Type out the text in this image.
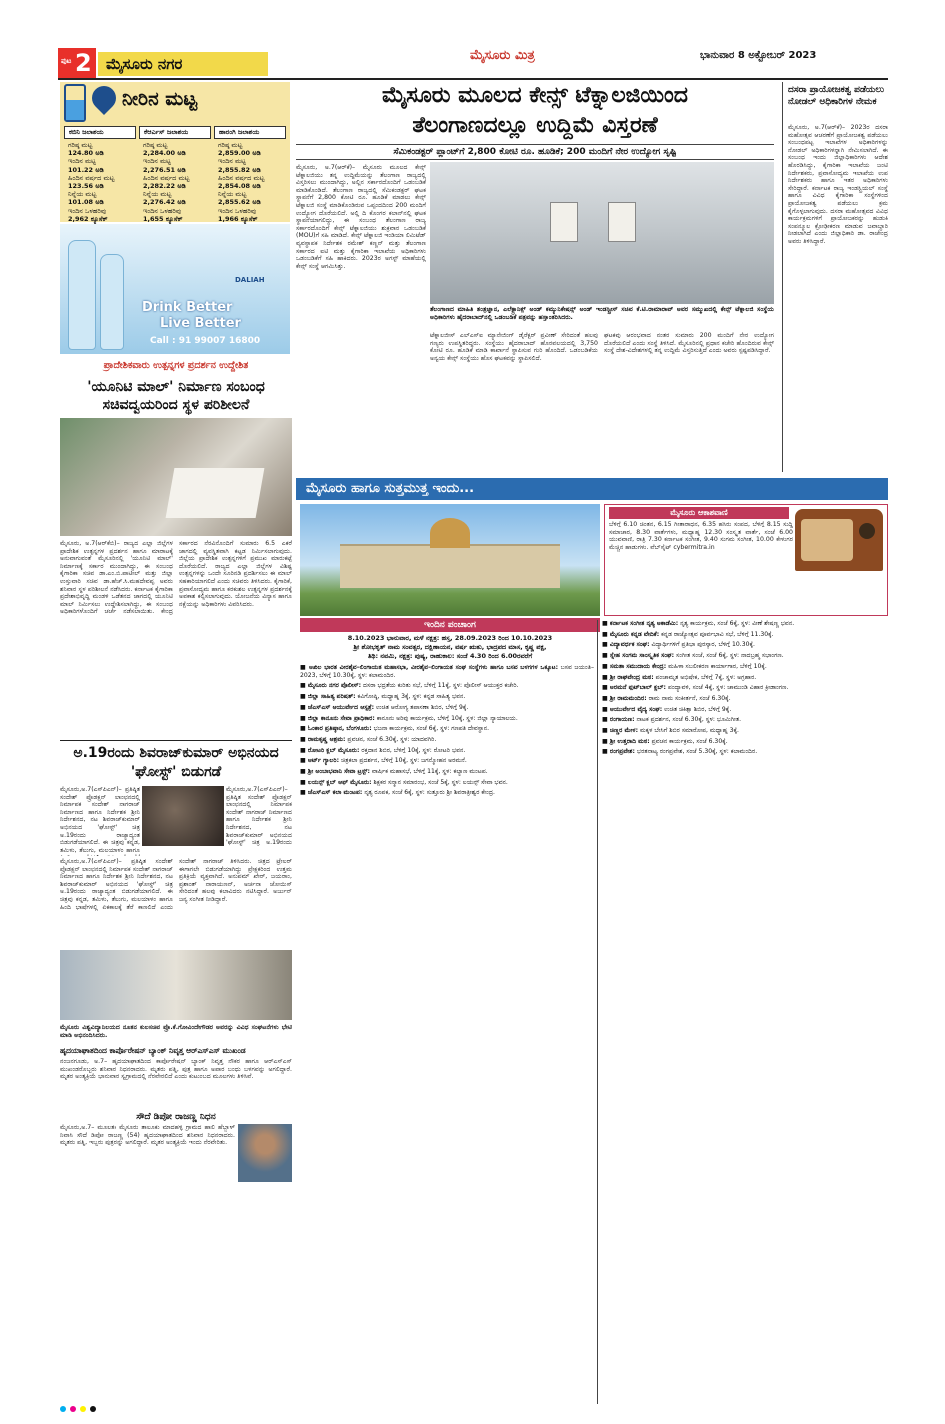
ಪುಟ 2 ಮೈಸೂರು ನಗರ	ಮೈಸೂರು ಮಿತ್ರ	ಭಾನುವಾರ 8 ಅಕ್ಟೋಬರ್ 2023
ನೀರಿನ ಮಟ್ಟ
ಕಬಿನಿ ಜಲಾಶಯ
ಗರಿಷ್ಠ ಮಟ್ಟ
124.80 ಅಡಿ
ಇಂದಿನ ಮಟ್ಟ
101.22 ಅಡಿ
ಹಿಂದಿನ ವರ್ಷದ ಮಟ್ಟ
123.56 ಅಡಿ
ನಿನ್ನೆಯ ಮಟ್ಟ
101.08 ಅಡಿ
ಇಂದಿನ ಒಳಹರಿವು
2,962 ಕ್ಯೂಸೆಕ್
ಕೆಆರ್ಎಸ್ ಜಲಾಶಯ
ಗರಿಷ್ಠ ಮಟ್ಟ
2,284.00 ಅಡಿ
ಇಂದಿನ ಮಟ್ಟ
2,276.51 ಅಡಿ
ಹಿಂದಿನ ವರ್ಷದ ಮಟ್ಟ
2,282.22 ಅಡಿ
ನಿನ್ನೆಯ ಮಟ್ಟ
2,276.42 ಅಡಿ
ಇಂದಿನ ಒಳಹರಿವು
1,655 ಕ್ಯೂಸೆಕ್
ಹಾರಂಗಿ ಜಲಾಶಯ
ಗರಿಷ್ಠ ಮಟ್ಟ
2,859.00 ಅಡಿ
ಇಂದಿನ ಮಟ್ಟ
2,855.82 ಅಡಿ
ಹಿಂದಿನ ವರ್ಷದ ಮಟ್ಟ
2,854.08 ಅಡಿ
ನಿನ್ನೆಯ ಮಟ್ಟ
2,855.62 ಅಡಿ
ಇಂದಿನ ಒಳಹರಿವು
1,966 ಕ್ಯೂಸೆಕ್
Drink Better
Live Better
DALIAH
Call : 91 99007 16800
ಪ್ರಾದೇಶಿಕವಾರು ಉತ್ಪನ್ನಗಳ ಪ್ರದರ್ಶನ ಉದ್ದೇಶಿತ
'ಯೂನಿಟಿ ಮಾಲ್' ನಿರ್ಮಾಣ ಸಂಬಂಧ ಸಚಿವದ್ವಯರಿಂದ ಸ್ಥಳ ಪರಿಶೀಲನೆ
ಮೈಸೂರು, ಅ.7(ಆರ್‌ಕೆಬಿ)– ರಾಜ್ಯದ ಎಲ್ಲಾ ಜಿಲ್ಲೆಗಳ ಪ್ರಾದೇಶಿಕ ಉತ್ಪನ್ನಗಳ ಪ್ರದರ್ಶನ ಹಾಗೂ ಮಾರಾಟಕ್ಕೆ ಅನುವಾಗುವಂತೆ ಮೈಸೂರಿನಲ್ಲಿ 'ಯೂನಿಟಿ ಮಾಲ್' ನಿರ್ಮಾಣಕ್ಕೆ ಸರ್ಕಾರ ಮುಂದಾಗಿದ್ದು, ಈ ಸಂಬಂಧ ಕೈಗಾರಿಕಾ ಸಚಿವ ಡಾ.ಎಂ.ಬಿ.ಪಾಟೀಲ್ ಮತ್ತು ಜಿಲ್ಲಾ ಉಸ್ತುವಾರಿ ಸಚಿವ ಡಾ.ಹೆಚ್.ಸಿ.ಮಹದೇವಪ್ಪ ಅವರು ಶನಿವಾರ ಸ್ಥಳ ಪರಿಶೀಲನೆ ನಡೆಸಿದರು. ಕರ್ನಾಟಕ ಕೈಗಾರಿಕಾ ಪ್ರದೇಶಾಭಿವೃದ್ಧಿ ಮಂಡಳಿ ಒಡೆತನದ ಜಾಗದಲ್ಲಿ ಯೂನಿಟಿ ಮಾಲ್ ನಿರ್ಮಿಸಲು ಉದ್ದೇಶಿಸಲಾಗಿದ್ದು, ಈ ಸಂಬಂಧ ಅಧಿಕಾರಿಗಳೊಂದಿಗೆ ಚರ್ಚೆ ನಡೆಸಲಾಯಿತು. ಕೇಂದ್ರ ಸರ್ಕಾರದ ನೆರವಿನೊಂದಿಗೆ ಸುಮಾರು 6.5 ಎಕರೆ ಜಾಗದಲ್ಲಿ ವ್ಯವಸ್ಥಿತವಾಗಿ ಕಟ್ಟಡ ನಿರ್ಮಿಸಲಾಗುವುದು. ಜಿಲ್ಲೆಯ ಪ್ರಾದೇಶಿಕ ಉತ್ಪನ್ನಗಳಿಗೆ ಪ್ರಮುಖ ಮಾರುಕಟ್ಟೆ ದೊರೆಯಲಿದೆ. ರಾಜ್ಯದ ಎಲ್ಲಾ ಜಿಲ್ಲೆಗಳ ವಿಶಿಷ್ಟ ಉತ್ಪನ್ನಗಳನ್ನು ಒಂದೇ ಸೂರಿನಡಿ ಪ್ರದರ್ಶಿಸಲು ಈ ಮಾಲ್ ಸಹಕಾರಿಯಾಗಲಿದೆ ಎಂದು ಸಚಿವರು ತಿಳಿಸಿದರು. ಕೈಗಾರಿಕೆ, ಪ್ರವಾಸೋದ್ಯಮ ಹಾಗೂ ಕರಕುಶಲ ಉತ್ಪನ್ನಗಳ ಪ್ರದರ್ಶನಕ್ಕೆ ಅವಕಾಶ ಕಲ್ಪಿಸಲಾಗುವುದು. ಯೋಜನೆಯ ವಿನ್ಯಾಸ ಹಾಗೂ ನಕ್ಷೆಯನ್ನು ಅಧಿಕಾರಿಗಳು ವಿವರಿಸಿದರು.
ಅ.19ರಂದು ಶಿವರಾಜ್‌ಕುಮಾರ್ ಅಭಿನಯದ 'ಘೋಸ್ಟ್' ಬಿಡುಗಡೆ
ಮೈಸೂರು,ಅ.7(ಎಸ್‌ಪಿಎನ್)– ಪ್ರತಿಷ್ಠಿತ ಸಂದೇಶ್ ಪ್ರೊಡಕ್ಷನ್ ಲಾಂಛನದಲ್ಲಿ ನಿರ್ಮಾಪಕ ಸಂದೇಶ್ ನಾಗರಾಜ್ ನಿರ್ಮಾಣದ ಹಾಗೂ ನಿರ್ದೇಶಕ ಶ್ರೀನಿ ನಿರ್ದೇಶನದ, ನಟ ಶಿವರಾಜ್‌ಕುಮಾರ್ ಅಭಿನಯದ 'ಘೋಸ್ಟ್' ಚಿತ್ರ ಅ.19ರಂದು ರಾಜ್ಯಾದ್ಯಂತ ಬಿಡುಗಡೆಯಾಗಲಿದೆ. ಈ ಚಿತ್ರವು ಕನ್ನಡ, ತಮಿಳು, ತೆಲುಗು, ಮಲಯಾಳಂ ಹಾಗೂ
ಮೈಸೂರು,ಅ.7(ಎಸ್‌ಪಿಎನ್)– ಪ್ರತಿಷ್ಠಿತ ಸಂದೇಶ್ ಪ್ರೊಡಕ್ಷನ್ ಲಾಂಛನದಲ್ಲಿ ನಿರ್ಮಾಪಕ ಸಂದೇಶ್ ನಾಗರಾಜ್ ನಿರ್ಮಾಣದ ಹಾಗೂ ನಿರ್ದೇಶಕ ಶ್ರೀನಿ ನಿರ್ದೇಶನದ, ನಟ ಶಿವರಾಜ್‌ಕುಮಾರ್ ಅಭಿನಯದ 'ಘೋಸ್ಟ್' ಚಿತ್ರ ಅ.19ರಂದು
ಮೈಸೂರು,ಅ.7(ಎಸ್‌ಪಿಎನ್)– ಪ್ರತಿಷ್ಠಿತ ಸಂದೇಶ್ ಪ್ರೊಡಕ್ಷನ್ ಲಾಂಛನದಲ್ಲಿ ನಿರ್ಮಾಪಕ ಸಂದೇಶ್ ನಾಗರಾಜ್ ನಿರ್ಮಾಣದ ಹಾಗೂ ನಿರ್ದೇಶಕ ಶ್ರೀನಿ ನಿರ್ದೇಶನದ, ನಟ ಶಿವರಾಜ್‌ಕುಮಾರ್ ಅಭಿನಯದ 'ಘೋಸ್ಟ್' ಚಿತ್ರ ಅ.19ರಂದು ರಾಜ್ಯಾದ್ಯಂತ ಬಿಡುಗಡೆಯಾಗಲಿದೆ. ಈ ಚಿತ್ರವು ಕನ್ನಡ, ತಮಿಳು, ತೆಲುಗು, ಮಲಯಾಳಂ ಹಾಗೂ ಹಿಂದಿ ಭಾಷೆಗಳಲ್ಲಿ ಏಕಕಾಲಕ್ಕೆ ತೆರೆ ಕಾಣಲಿದೆ ಎಂದು ಸಂದೇಶ್ ನಾಗರಾಜ್ ತಿಳಿಸಿದರು. ಚಿತ್ರದ ಟ್ರೇಲರ್ ಈಗಾಗಲೇ ಬಿಡುಗಡೆಯಾಗಿದ್ದು ಪ್ರೇಕ್ಷಕರಿಂದ ಉತ್ತಮ ಪ್ರತಿಕ್ರಿಯೆ ವ್ಯಕ್ತವಾಗಿದೆ. ಅನುಪಮ್ ಖೇರ್, ಜಯರಾಂ, ಪ್ರಶಾಂತ್ ನಾರಾಯಣನ್, ಅರ್ಚನಾ ಜೋಯಿಸ್ ಸೇರಿದಂತೆ ಹಲವು ಕಲಾವಿದರು ನಟಿಸಿದ್ದಾರೆ. ಅರ್ಜುನ್ ಜನ್ಯ ಸಂಗೀತ ನೀಡಿದ್ದಾರೆ.
ಮೈಸೂರು ವಿಶ್ವವಿದ್ಯಾನಿಲಯದ ನೂತನ ಕುಲಸಚಿವ ಪ್ರೊ.ಕೆ.ಗೋವಿಂದೇಗೌಡರ ಅವರನ್ನು ವಿವಿಧ ಸಂಘಟನೆಗಳು ಭೇಟಿ ಮಾಡಿ ಅಭಿನಂದಿಸಿದರು.
ಹೃದಯಾಘಾತದಿಂದ ಕಾರ್ಪೊರೇಷನ್ ಬ್ಯಾಂಕ್ ನಿವೃತ್ತ ಆರ್‌ಎಸ್‌ಎಸ್ ಮುಖಂಡ
ನಂಜನಗೂಡು, ಅ.7– ಹೃದಯಾಘಾತದಿಂದ ಕಾರ್ಪೊರೇಷನ್ ಬ್ಯಾಂಕ್ ನಿವೃತ್ತ ನೌಕರ ಹಾಗೂ ಆರ್‌ಎಸ್‌ಎಸ್ ಮುಖಂಡರೊಬ್ಬರು ಶನಿವಾರ ನಿಧನರಾದರು. ಮೃತರು ಪತ್ನಿ, ಪುತ್ರ ಹಾಗೂ ಅಪಾರ ಬಂಧು ಬಳಗವನ್ನು ಅಗಲಿದ್ದಾರೆ. ಮೃತರ ಅಂತ್ಯಕ್ರಿಯೆ ಭಾನುವಾರ ಸ್ವಗ್ರಾಮದಲ್ಲಿ ನೆರವೇರಲಿದೆ ಎಂದು ಕುಟುಂಬದ ಮೂಲಗಳು ತಿಳಿಸಿವೆ.
ಸೌದೆ ಡಿಪೋ ರಾಜಣ್ಣ ನಿಧನ
ಮೈಸೂರು,ಅ.7– ಮೂಲತಃ ಮೈಸೂರು ತಾಲೂಕು ಮಾದಹಳ್ಳಿ ಗ್ರಾಮದ ಹಾಲಿ ಹೆಬ್ಬಾಳ್ ನಿವಾಸಿ ಸೌದೆ ಡಿಪೋ ರಾಜಣ್ಣ (54) ಹೃದಯಾಘಾತದಿಂದ ಶನಿವಾರ ನಿಧನರಾದರು. ಮೃತರು ಪತ್ನಿ, ಇಬ್ಬರು ಪುತ್ರರನ್ನು ಅಗಲಿದ್ದಾರೆ. ಮೃತರ ಅಂತ್ಯಕ್ರಿಯೆ ಇಂದು ನೆರವೇರಿತು.
ಮೈಸೂರು ಮೂಲದ ಕೇನ್ಸ್ ಟೆಕ್ನಾಲಜಿಯಿಂದ
ತೆಲಂಗಾಣದಲ್ಲೂ ಉದ್ದಿಮೆ ವಿಸ್ತರಣೆ
ಸೆಮಿಕಂಡಕ್ಟರ್ ಪ್ಲಾಂಟ್‌ಗೆ 2,800 ಕೋಟಿ ರೂ. ಹೂಡಿಕೆ; 200 ಮಂದಿಗೆ ನೇರ ಉದ್ಯೋಗ ಸೃಷ್ಟಿ
ಮೈಸೂರು, ಅ.7(ಆರ್‌ಕೆ)– ಮೈಸೂರು ಮೂಲದ ಕೇನ್ಸ್ ಟೆಕ್ನಾಲಜಿಯು ತನ್ನ ಉದ್ದಿಮೆಯನ್ನು ತೆಲಂಗಾಣ ರಾಜ್ಯದಲ್ಲಿ ವಿಸ್ತರಿಸಲು ಮುಂದಾಗಿದ್ದು, ಅಲ್ಲಿನ ಸರ್ಕಾರದೊಂದಿಗೆ ಒಡಂಬಡಿಕೆ ಮಾಡಿಕೊಂಡಿದೆ. ತೆಲಂಗಾಣ ರಾಜ್ಯದಲ್ಲಿ ಸೆಮಿಕಂಡಕ್ಟರ್ ಘಟಕ ಸ್ಥಾಪನೆಗೆ 2,800 ಕೋಟಿ ರೂ. ಹೂಡಿಕೆ ಮಾಡಲು ಕೇನ್ಸ್ ಟೆಕ್ನಾಲಜಿ ಸಂಸ್ಥೆ ಮಾಡಿಕೊಂಡಿರುವ ಒಪ್ಪಂದದಿಂದ 200 ಮಂದಿಗೆ ಉದ್ಯೋಗ ದೊರೆಯಲಿದೆ. ಅಲ್ಲಿ ದಿ ಕೊಂಗರ ಕಲಾನ್‌ನಲ್ಲಿ ಘಟಕ ಸ್ಥಾಪನೆಯಾಗಲಿದ್ದು, ಈ ಸಂಬಂಧ ತೆಲಂಗಾಣ ರಾಜ್ಯ ಸರ್ಕಾರದೊಂದಿಗೆ ಕೇನ್ಸ್ ಟೆಕ್ನಾಲಜಿಯು ಶುಕ್ರವಾರ ಒಡಂಬಡಿಕೆ (MOU)ಗೆ ಸಹಿ ಮಾಡಿದೆ. ಕೇನ್ಸ್ ಟೆಕ್ನಾಲಜಿ ಇಂಡಿಯಾ ಲಿಮಿಟೆಡ್ ವ್ಯವಸ್ಥಾಪಕ ನಿರ್ದೇಶಕ ರಮೇಶ್ ಕಣ್ಣನ್ ಮತ್ತು ತೆಲಂಗಾಣ ಸರ್ಕಾರದ ಐಟಿ ಮತ್ತು ಕೈಗಾರಿಕಾ ಇಲಾಖೆಯ ಅಧಿಕಾರಿಗಳು ಒಡಂಬಡಿಕೆಗೆ ಸಹಿ ಹಾಕಿದರು. 2023ರ ಅಗಸ್ಟ್ ಮಾಹೆಯಲ್ಲಿ ಕೇನ್ಸ್ ಸಂಸ್ಥೆ ಆಗಮಿಸಿತ್ತು.
ತೆಲಂಗಾಣದ ಮಾಹಿತಿ ತಂತ್ರಜ್ಞಾನ, ಎಲೆಕ್ಟ್ರಾನಿಕ್ಸ್ ಅಂಡ್ ಕಮ್ಯುನಿಕೇಷನ್ಸ್ ಅಂಡ್ ಇಂಡಸ್ಟ್ರೀಸ್ ಸಚಿವ ಕೆ.ಟಿ.ರಾಮಾರಾವ್ ಅವರ ಸಮ್ಮುಖದಲ್ಲಿ ಕೇನ್ಸ್ ಟೆಕ್ನಾಲಜಿ ಸಂಸ್ಥೆಯ ಅಧಿಕಾರಿಗಳು ಹೈದರಾಬಾದ್‌ನಲ್ಲಿ ಒಡಂಬಡಿಕೆ ಪತ್ರವನ್ನು ಹಸ್ತಾಂತರಿಸಿದರು.
ಟೆಕ್ನಾಲಜೀಸ್ ಎಲ್‌ಎಸ್‌ಐ ಮ್ಯಾನೇಜಿಂಗ್ ಡೈರೆಕ್ಟರ್ ಪ್ರವೀಣ್ ಸೇರಿದಂತೆ ಹಲವು ಗಣ್ಯರು ಉಪಸ್ಥಿತರಿದ್ದರು. ಸಂಸ್ಥೆಯು ಹೈದರಾಬಾದ್ ಹೊರವಲಯದಲ್ಲಿ 3,750 ಕೋಟಿ ರೂ. ಹೂಡಿಕೆ ಮಾಡಿ ಕಾರ್ಖಾನೆ ಸ್ಥಾಪಿಸುವ ಗುರಿ ಹೊಂದಿದೆ. ಒಡಂಬಡಿಕೆಯ ಅನ್ವಯ ಕೇನ್ಸ್ ಸಂಸ್ಥೆಯು ಹೊಸ ಘಟಕವನ್ನು ಸ್ಥಾಪಿಸಲಿದೆ.
ಘಟಕವು ಆರಂಭವಾದ ನಂತರ ಸುಮಾರು 200 ಮಂದಿಗೆ ನೇರ ಉದ್ಯೋಗ ದೊರೆಯಲಿದೆ ಎಂದು ಸಂಸ್ಥೆ ತಿಳಿಸಿದೆ. ಮೈಸೂರಿನಲ್ಲಿ ಪ್ರಧಾನ ಕಚೇರಿ ಹೊಂದಿರುವ ಕೇನ್ಸ್ ಸಂಸ್ಥೆ ದೇಶ-ವಿದೇಶಗಳಲ್ಲಿ ತನ್ನ ಉದ್ದಿಮೆ ವಿಸ್ತರಿಸುತ್ತಿದೆ ಎಂದು ಅವರು ಸ್ಪಷ್ಟಪಡಿಸಿದ್ದಾರೆ.
ದಸರಾ ಪ್ರಾಯೋಜಕತ್ವ ಪಡೆಯಲು ನೋಡಲ್ ಅಧಿಕಾರಿಗಳ ನೇಮಕ
ಮೈಸೂರು, ಅ.7(ಆರ್‌ಕೆ)– 2023ರ ದಸರಾ ಮಹೋತ್ಸವ ಆಚರಣೆಗೆ ಪ್ರಾಯೋಜಕತ್ವ ಪಡೆಯಲು ಸಂಬಂಧಪಟ್ಟ ಇಲಾಖೆಗಳ ಅಧಿಕಾರಿಗಳನ್ನು ನೋಡಲ್ ಅಧಿಕಾರಿಗಳನ್ನಾಗಿ ನೇಮಿಸಲಾಗಿದೆ. ಈ ಸಂಬಂಧ ಇಂದು ಜಿಲ್ಲಾಧಿಕಾರಿಗಳು ಆದೇಶ ಹೊರಡಿಸಿದ್ದು, ಕೈಗಾರಿಕಾ ಇಲಾಖೆಯ ಜಂಟಿ ನಿರ್ದೇಶಕರು, ಪ್ರವಾಸೋದ್ಯಮ ಇಲಾಖೆಯ ಉಪ ನಿರ್ದೇಶಕರು ಹಾಗೂ ಇತರ ಅಧಿಕಾರಿಗಳು ಸೇರಿದ್ದಾರೆ. ಕರ್ನಾಟಕ ರಾಜ್ಯ ಇಂಡಸ್ಟ್ರಿಯಲ್ ಸಂಸ್ಥೆ ಹಾಗೂ ವಿವಿಧ ಕೈಗಾರಿಕಾ ಸಂಸ್ಥೆಗಳಿಂದ ಪ್ರಾಯೋಜಕತ್ವ ಪಡೆಯಲು ಕ್ರಮ ಕೈಗೊಳ್ಳಲಾಗುವುದು. ದಸರಾ ಮಹೋತ್ಸವದ ವಿವಿಧ ಕಾರ್ಯಕ್ರಮಗಳಿಗೆ ಪ್ರಾಯೋಜಕರನ್ನು ಹುಡುಕಿ ಸಂಪನ್ಮೂಲ ಕ್ರೋಢೀಕರಣ ಮಾಡುವ ಜವಾಬ್ದಾರಿ ನೀಡಲಾಗಿದೆ ಎಂದು ಜಿಲ್ಲಾಧಿಕಾರಿ ಡಾ. ರಾಜೇಂದ್ರ ಅವರು ತಿಳಿಸಿದ್ದಾರೆ.
ಮೈಸೂರು ಹಾಗೂ ಸುತ್ತಮುತ್ತ ಇಂದು...
ಮೈಸೂರು ಆಕಾಶವಾಣಿ
ಬೆಳಿಗ್ಗೆ 6.10 ಚಿಂತನ, 6.15 ಗೀತಾರಾಧನ, 6.35 ಹಸಿರು ಸಂಪದ, ಬೆಳಿಗ್ಗೆ 8.15 ಸುದ್ದಿ ಸಮಾಚಾರ, 8.30 ವಾರ್ತೆಗಳು, ಮಧ್ಯಾಹ್ನ 12.30 ಸಂಸ್ಕೃತ ವಾರ್ತೆ, ಸಂಜೆ 6.00 ಯುವವಾಣಿ, ರಾತ್ರಿ 7.30 ಕರ್ನಾಟಕ ಸಂಗೀತ, 9.40 ಸುಗಮ ಸಂಗೀತ, 10.00 ಕೇಳುಗರ ಮೆಚ್ಚಿನ ಹಾಡುಗಳು. ವೆಬ್‌ಸೈಟ್ cybermitra.in
ಇಂದಿನ ಪಂಚಾಂಗ
8.10.2023 ಭಾನುವಾರ, ಮಳೆ ನಕ್ಷತ್ರ: ಹಸ್ತ, 28.09.2023 ರಿಂದ 10.10.2023
ಶ್ರೀ ಶೋಭಕೃತ್ ನಾಮ ಸಂವತ್ಸರ, ದಕ್ಷಿಣಾಯನ, ವರ್ಷ ಋತು, ಭಾದ್ರಪದ ಮಾಸ, ಕೃಷ್ಣ ಪಕ್ಷ,
ತಿಥಿ: ನವಮಿ, ನಕ್ಷತ್ರ: ಪುಷ್ಯ, ರಾಹುಕಾಲ: ಸಂಜೆ 4.30 ರಿಂದ 6.00ರವರೆಗೆ
■ ಅಖಿಲ ಭಾರತ ವೀರಶೈವ–ಲಿಂಗಾಯತ ಮಹಾಸಭಾ, ವೀರಶೈವ–ಲಿಂಗಾಯತ ಸಂಘ ಸಂಸ್ಥೆಗಳು ಹಾಗೂ ಬಸವ ಬಳಗಗಳ ಒಕ್ಕೂಟ: ಬಸವ ಜಯಂತಿ–2023, ಬೆಳಿಗ್ಗೆ 10.30ಕ್ಕೆ, ಸ್ಥಳ: ಕಲಾಮಂದಿರ.
■ ಮೈಸೂರು ನಗರ ಪೊಲೀಸ್: ದಸರಾ ಭದ್ರತೆಯ ಕುರಿತು ಸಭೆ, ಬೆಳಿಗ್ಗೆ 11ಕ್ಕೆ, ಸ್ಥಳ: ಪೊಲೀಸ್ ಆಯುಕ್ತರ ಕಚೇರಿ.
■ ಜಿಲ್ಲಾ ಸಾಹಿತ್ಯ ಪರಿಷತ್: ಕವಿಗೋಷ್ಠಿ, ಮಧ್ಯಾಹ್ನ 3ಕ್ಕೆ, ಸ್ಥಳ: ಕನ್ನಡ ಸಾಹಿತ್ಯ ಭವನ.
■ ಜೆಎಸ್ಎಸ್ ಆಯುರ್ವೇದ ಆಸ್ಪತ್ರೆ: ಉಚಿತ ಆರೋಗ್ಯ ತಪಾಸಣಾ ಶಿಬಿರ, ಬೆಳಿಗ್ಗೆ 9ಕ್ಕೆ.
■ ಜಿಲ್ಲಾ ಕಾನೂನು ಸೇವಾ ಪ್ರಾಧಿಕಾರ: ಕಾನೂನು ಅರಿವು ಕಾರ್ಯಕ್ರಮ, ಬೆಳಿಗ್ಗೆ 10ಕ್ಕೆ, ಸ್ಥಳ: ಜಿಲ್ಲಾ ನ್ಯಾಯಾಲಯ.
■ ಓಂಕಾರ ಪ್ರತಿಷ್ಠಾನ, ಬೆಂಗಳೂರು: ಭಜನಾ ಕಾರ್ಯಕ್ರಮ, ಸಂಜೆ 6ಕ್ಕೆ, ಸ್ಥಳ: ಗಣಪತಿ ದೇವಸ್ಥಾನ.
■ ರಾಮಕೃಷ್ಣ ಆಶ್ರಮ: ಪ್ರವಚನ, ಸಂಜೆ 6.30ಕ್ಕೆ, ಸ್ಥಳ: ಯಾದವಗಿರಿ.
■ ರೋಟರಿ ಕ್ಲಬ್ ಮೈಸೂರು: ರಕ್ತದಾನ ಶಿಬಿರ, ಬೆಳಿಗ್ಗೆ 10ಕ್ಕೆ, ಸ್ಥಳ: ರೋಟರಿ ಭವನ.
■ ಆರ್ಟ್ ಗ್ಯಾಲರಿ: ಚಿತ್ರಕಲಾ ಪ್ರದರ್ಶನ, ಬೆಳಿಗ್ಗೆ 10ಕ್ಕೆ, ಸ್ಥಳ: ಜಗನ್ಮೋಹನ ಅರಮನೆ.
■ ಶ್ರೀ ಅಂಬಾಭವಾನಿ ಸೇವಾ ಟ್ರಸ್ಟ್: ವಾರ್ಷಿಕ ಮಹಾಸಭೆ, ಬೆಳಿಗ್ಗೆ 11ಕ್ಕೆ, ಸ್ಥಳ: ಕಲ್ಯಾಣ ಮಂಟಪ.
■ ಲಯನ್ಸ್ ಕ್ಲಬ್ ಆಫ್ ಮೈಸೂರು: ಶಿಕ್ಷಕರ ಸನ್ಮಾನ ಸಮಾರಂಭ, ಸಂಜೆ 5ಕ್ಕೆ, ಸ್ಥಳ: ಲಯನ್ಸ್ ಸೇವಾ ಭವನ.
■ ಜೆಎಸ್ಎಸ್ ಕಲಾ ಮಂಟಪ: ನೃತ್ಯ ರೂಪಕ, ಸಂಜೆ 6ಕ್ಕೆ, ಸ್ಥಳ: ಸುತ್ತೂರು ಶ್ರೀ ಶಿವರಾತ್ರೀಶ್ವರ ಕೇಂದ್ರ.
■ ಕರ್ನಾಟಕ ಸಂಗೀತ ನೃತ್ಯ ಅಕಾಡೆಮಿ: ನೃತ್ಯ ಕಾರ್ಯಕ್ರಮ, ಸಂಜೆ 6ಕ್ಕೆ, ಸ್ಥಳ: ವೀಣೆ ಶೇಷಣ್ಣ ಭವನ.
■ ಮೈಸೂರು ಕನ್ನಡ ವೇದಿಕೆ: ಕನ್ನಡ ರಾಜ್ಯೋತ್ಸವ ಪೂರ್ವಭಾವಿ ಸಭೆ, ಬೆಳಿಗ್ಗೆ 11.30ಕ್ಕೆ.
■ ವಿದ್ಯಾವರ್ಧಕ ಸಂಘ: ವಿದ್ಯಾರ್ಥಿಗಳಿಗೆ ಪ್ರತಿಭಾ ಪುರಸ್ಕಾರ, ಬೆಳಿಗ್ಗೆ 10.30ಕ್ಕೆ.
■ ಸ್ನೇಹ ಸಂಗಮ ಸಾಂಸ್ಕೃತಿಕ ಸಂಘ: ಸಂಗೀತ ಸಂಜೆ, ಸಂಜೆ 6ಕ್ಕೆ, ಸ್ಥಳ: ನಾದಬ್ರಹ್ಮ ಸಭಾಂಗಣ.
■ ಸಮತಾ ಸಮುದಾಯ ಕೇಂದ್ರ: ಮಹಿಳಾ ಸಬಲೀಕರಣ ಕಾರ್ಯಾಗಾರ, ಬೆಳಿಗ್ಗೆ 10ಕ್ಕೆ.
■ ಶ್ರೀ ರಾಘವೇಂದ್ರ ಮಠ: ಪಂಚಾಮೃತ ಅಭಿಷೇಕ, ಬೆಳಿಗ್ಗೆ 7ಕ್ಕೆ, ಸ್ಥಳ: ಅಗ್ರಹಾರ.
■ ಅರಮನೆ ಫುಟ್‌ಬಾಲ್ ಕ್ಲಬ್: ಪಂದ್ಯಾವಳಿ, ಸಂಜೆ 4ಕ್ಕೆ, ಸ್ಥಳ: ಚಾಮುಂಡಿ ವಿಹಾರ ಕ್ರೀಡಾಂಗಣ.
■ ಶ್ರೀ ರಾಮಮಂದಿರ: ರಾಮ ನಾಮ ಸಂಕೀರ್ತನೆ, ಸಂಜೆ 6.30ಕ್ಕೆ.
■ ಆಯುರ್ವೇದ ವೈದ್ಯ ಸಂಘ: ಉಚಿತ ಚಿಕಿತ್ಸಾ ಶಿಬಿರ, ಬೆಳಿಗ್ಗೆ 9ಕ್ಕೆ.
■ ರಂಗಾಯಣ: ನಾಟಕ ಪ್ರದರ್ಶನ, ಸಂಜೆ 6.30ಕ್ಕೆ, ಸ್ಥಳ: ಭೂಮಿಗೀತ.
■ ಚಿಣ್ಣರ ಮೇಳ: ಮಕ್ಕಳ ಬೇಸಿಗೆ ಶಿಬಿರ ಸಮಾರೋಪ, ಮಧ್ಯಾಹ್ನ 3ಕ್ಕೆ.
■ ಶ್ರೀ ಉತ್ತರಾದಿ ಮಠ: ಪ್ರವಚನ ಕಾರ್ಯಕ್ರಮ, ಸಂಜೆ 6.30ಕ್ಕೆ.
■ ರಂಗಪ್ರವೇಶ: ಭರತನಾಟ್ಯ ರಂಗಪ್ರವೇಶ, ಸಂಜೆ 5.30ಕ್ಕೆ, ಸ್ಥಳ: ಕಲಾಮಂದಿರ.
